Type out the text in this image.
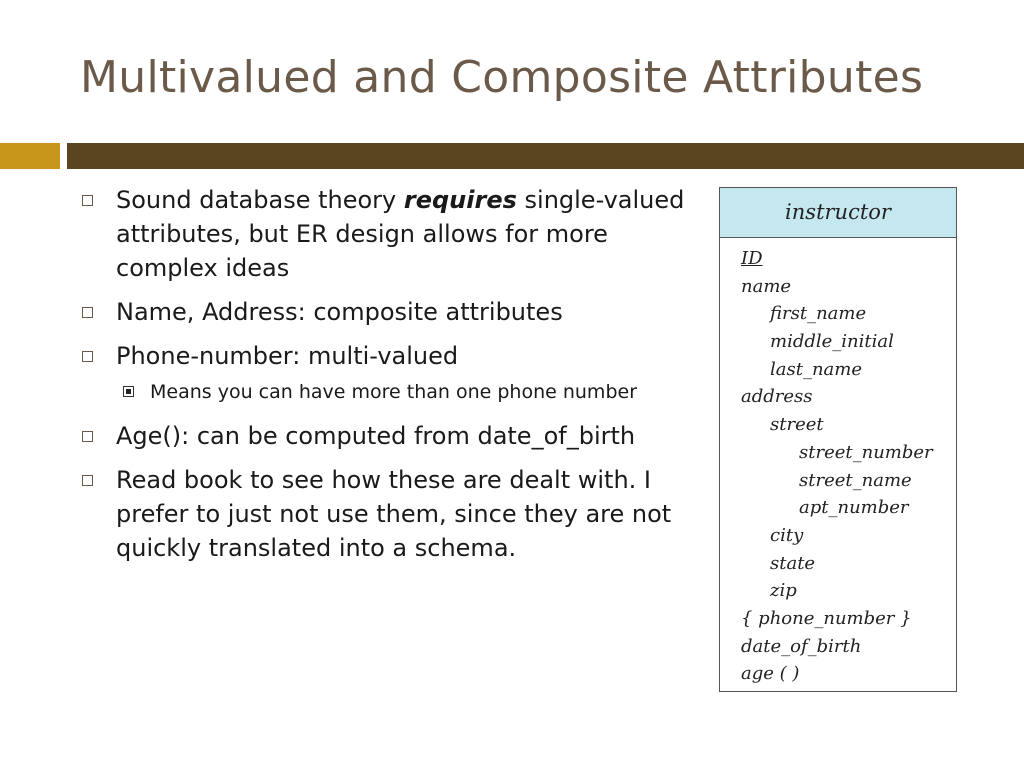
Multivalued and Composite Attributes
Sound database theory requires single-valued attributes, but ER design allows for more complex ideas
Name, Address: composite attributes
Phone-number: multi-valued
Means you can have more than one phone number
Age(): can be computed from date_of_birth
Read book to see how these are dealt with. I prefer to just not use them, since they are not quickly translated into a schema.
instructor
ID
name
first_name
middle_initial
last_name
address
street
street_number
street_name
apt_number
city
state
zip
{ phone_number }
date_of_birth
age ( )
